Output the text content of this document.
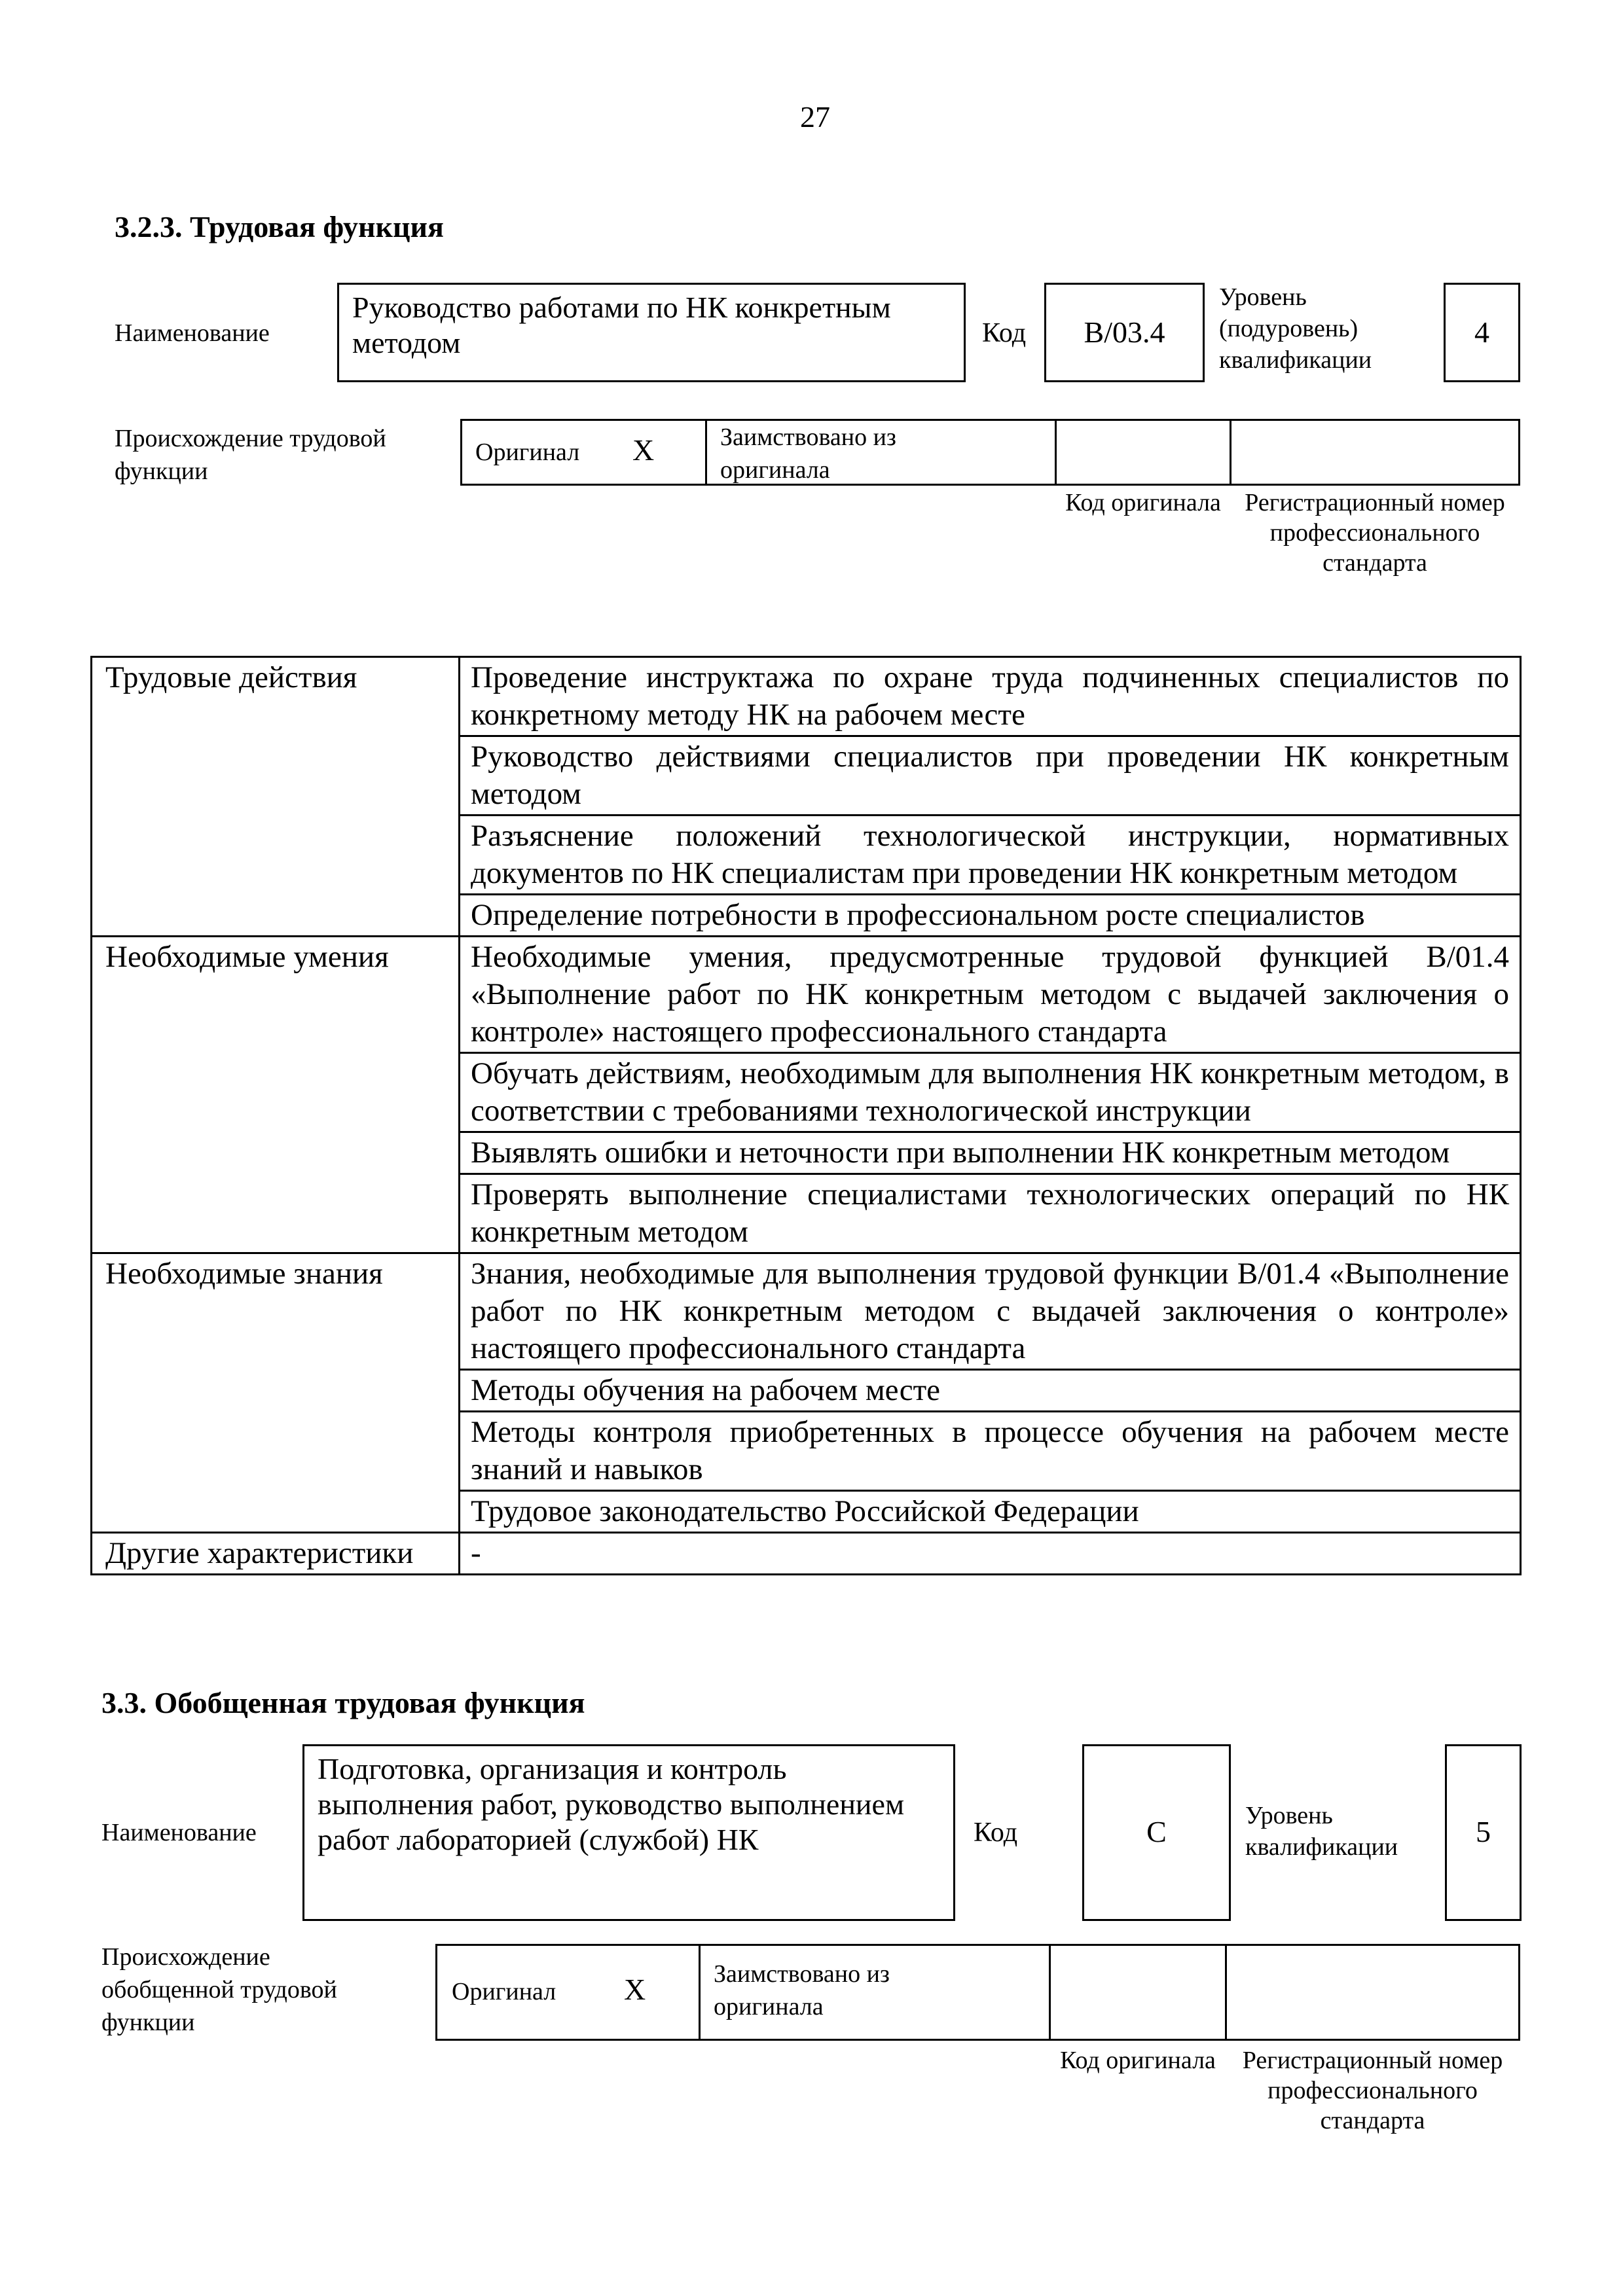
27
3.2.3. Трудовая функция
Наименование
Руководство работами по НК конкретным методом	Код	B/03.4
Уровень (подуровень) квалификации
4
Происхождение трудовой функции
Оригинал X	Заимствовано из оригинала
Код оригинала Регистрационный номер профессионального стандарта
Трудовые действия	Проведение инструктажа по охране труда подчиненных специалистов по конкретному методу НК на рабочем месте
	Руководство действиями специалистов при проведении НК конкретным методом
	Разъяснение положений технологической инструкции, нормативных документов по НК специалистам при проведении НК конкретным методом
	Определение потребности в профессиональном росте специалистов
Необходимые умения	Необходимые умения, предусмотренные трудовой функцией B/01.4 «Выполнение работ по НК конкретным методом с выдачей заключения о контроле» настоящего профессионального стандарта
	Обучать действиям, необходимым для выполнения НК конкретным методом, в соответствии с требованиями технологической инструкции
	Выявлять ошибки и неточности при выполнении НК конкретным методом
	Проверять выполнение специалистами технологических операций по НК конкретным методом
Необходимые знания	Знания, необходимые для выполнения трудовой функции B/01.4 «Выполнение работ по НК конкретным методом с выдачей заключения о контроле» настоящего профессионального стандарта
	Методы обучения на рабочем месте
	Методы контроля приобретенных в процессе обучения на рабочем месте знаний и навыков
	Трудовое законодательство Российской Федерации
Другие характеристики	-
3.3. Обобщенная трудовая функция
Наименование
Подготовка, организация и контроль выполнения работ, руководство выполнением работ лабораторией (службой) НК	Код	C	Уровень квалификации	5
Происхождение обобщенной трудовой функции
Оригинал X	Заимствовано из оригинала
Код оригинала	Регистрационный номер профессионального стандарта
